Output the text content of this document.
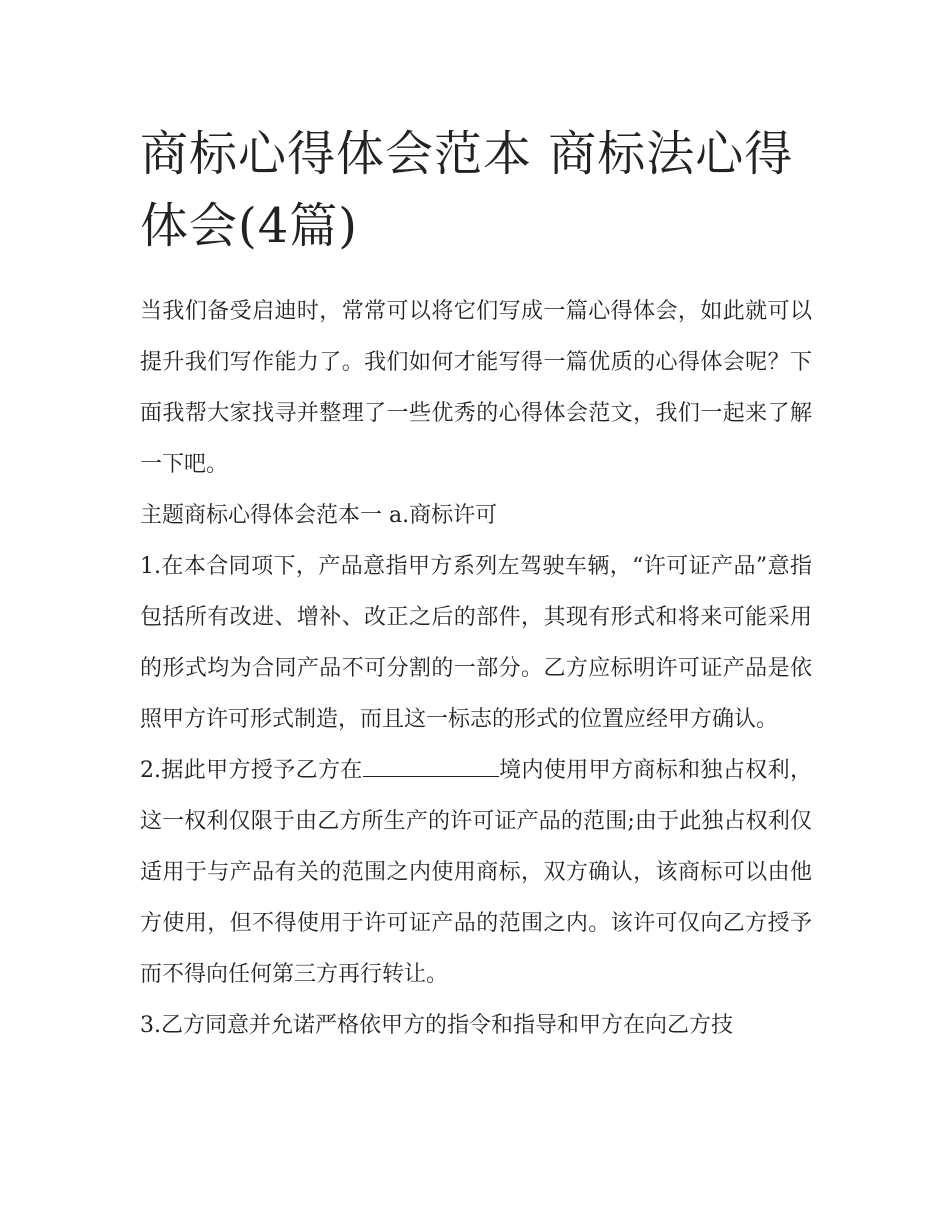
商标心得体会范本 商标法心得体会(4篇)

当我们备受启迪时，常常可以将它们写成一篇心得体会，如此就可以提升我们写作能力了。我们如何才能写得一篇优质的心得体会呢？下面我帮大家找寻并整理了一些优秀的心得体会范文，我们一起来了解一下吧。

主题商标心得体会范本一 a.商标许可

1.在本合同项下，产品意指甲方系列左驾驶车辆，“许可证产品”意指包括所有改进、增补、改正之后的部件，其现有形式和将来可能采用的形式均为合同产品不可分割的一部分。乙方应标明许可证产品是依照甲方许可形式制造，而且这一标志的形式的位置应经甲方确认。

2.据此甲方授予乙方在	境内使用甲方商标和独占权利，这一权利仅限于由乙方所生产的许可证产品的范围;由于此独占权利仅适用于与产品有关的范围之内使用商标，双方确认，该商标可以由他方使用，但不得使用于许可证产品的范围之内。该许可仅向乙方授予而不得向任何第三方再行转让。

3.乙方同意并允诺严格依甲方的指令和指导和甲方在向乙方技
